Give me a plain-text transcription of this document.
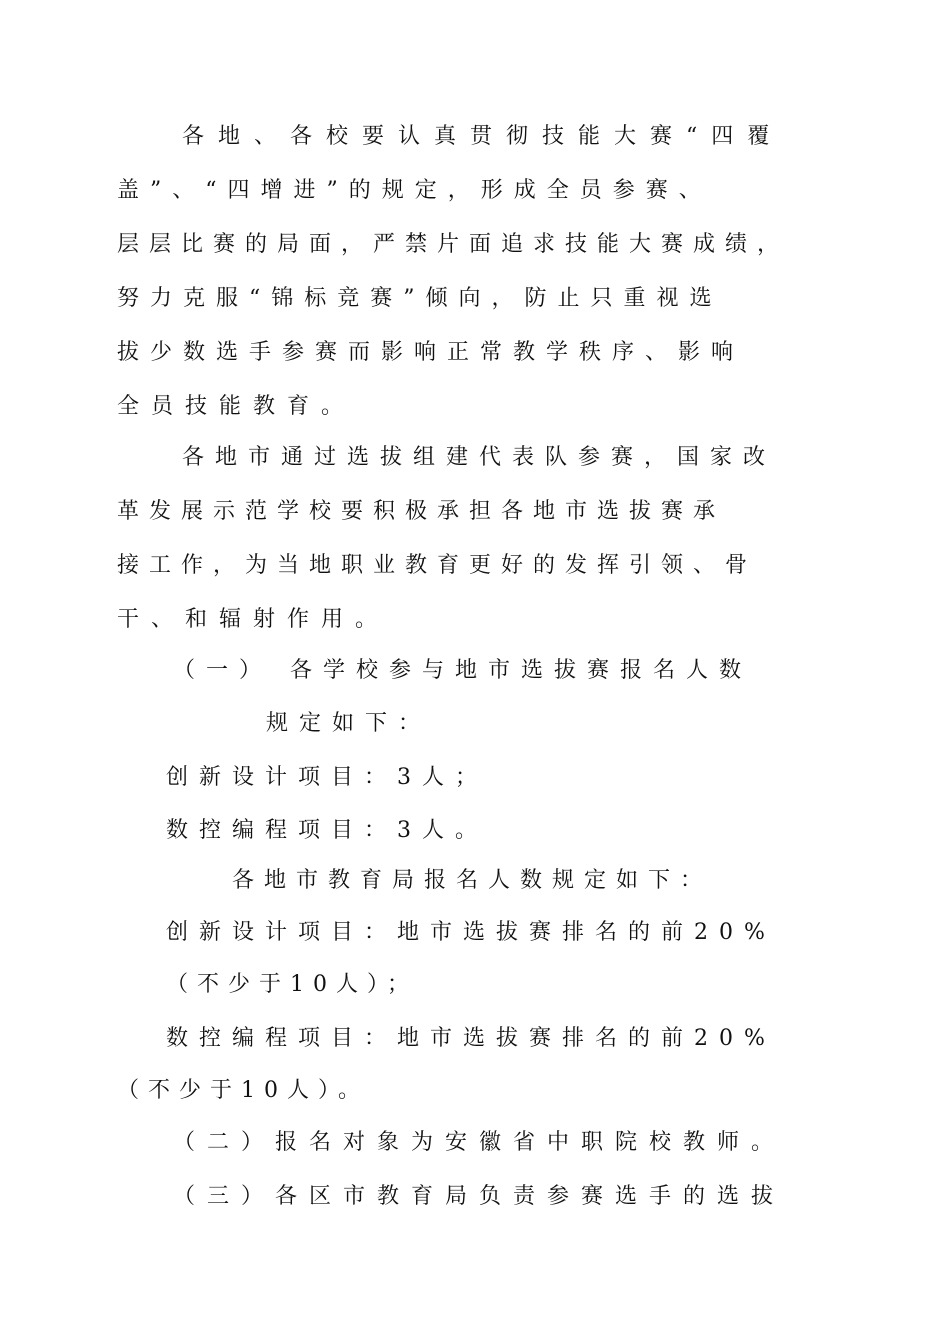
各地、各校要认真贯彻技能大赛“四覆
盖”、“四增进”的规定，形成全员参赛、
层层比赛的局面，严禁片面追求技能大赛成绩，
努力克服“锦标竞赛”倾向，防止只重视选
拔少数选手参赛而影响正常教学秩序、影响
全员技能教育。
各地市通过选拔组建代表队参赛，国家改
革发展示范学校要积极承担各地市选拔赛承
接工作，为当地职业教育更好的发挥引领、骨
干、和辐射作用。
（一） 各学校参与地市选拔赛报名人数
规定如下：
创新设计项目：3人；
数控编程项目：3人。
各地市教育局报名人数规定如下：
创新设计项目：地市选拔赛排名的前20%
（不少于10人）；
数控编程项目：地市选拔赛排名的前20%
（不少于10人）。
（二）报名对象为安徽省中职院校教师。
（三）各区市教育局负责参赛选手的选拔
